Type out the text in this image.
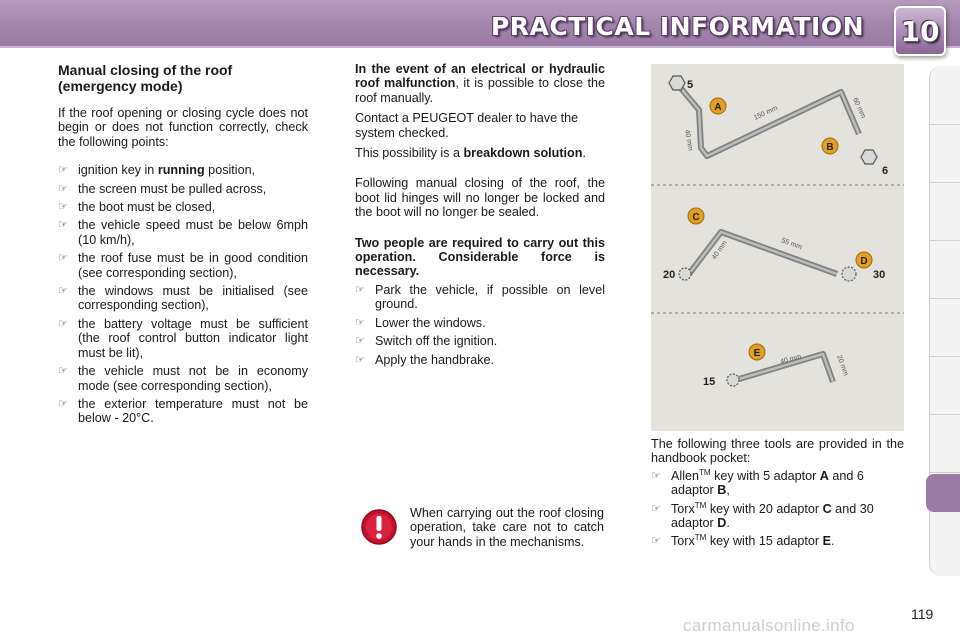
PRACTICAL INFORMATION 10

Manual closing of the roof (emergency mode)

If the roof opening or closing cycle does not begin or does not function correctly, check the following points:

☞ ignition key in running position,
☞ the screen must be pulled across,
☞ the boot must be closed,
☞ the vehicle speed must be below 6mph (10 km/h),
☞ the roof fuse must be in good condition (see corresponding section),
☞ the windows must be initialised (see corresponding section),
☞ the battery voltage must be sufficient (the roof control button indicator light must be lit),
☞ the vehicle must not be in economy mode (see corresponding section),
☞ the exterior temperature must not be below - 20°C.

In the event of an electrical or hydraulic roof malfunction, it is possible to close the roof manually.

Contact a PEUGEOT dealer to have the system checked.

This possibility is a breakdown solution.

Following manual closing of the roof, the boot lid hinges will no longer be locked and the boot will no longer be sealed.

Two people are required to carry out this operation. Considerable force is necessary.

☞ Park the vehicle, if possible on level ground.
☞ Lower the windows.
☞ Switch off the ignition.
☞ Apply the handbrake.
When carrying out the roof closing operation, take care not to catch your hands in the mechanisms.
A
B
5
6
150 mm	60 mm
40 mm
C
D
20	30
55 mm
40 mm
E
15
40 mm	20 mm

The following three tools are provided in the handbook pocket:

☞ Allen™ key with 5 adaptor A and 6 adaptor B,
☞ Torx™ key with 20 adaptor C and 30 adaptor D.
☞ Torx™ key with 15 adaptor E.
119
carmanualsonline.info
